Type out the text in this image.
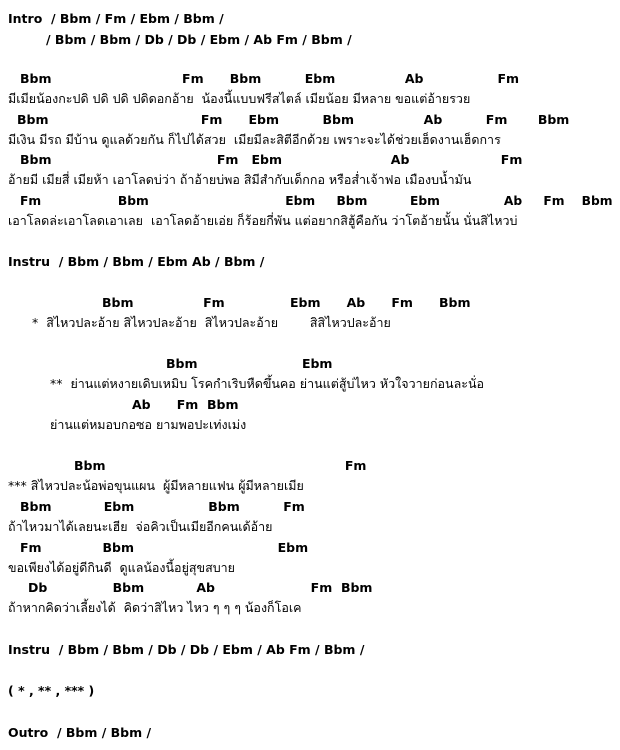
Intro  / Bbm / Fm / Ebm / Bbm /
/ Bbm / Bbm / Db / Db / Ebm / Ab Fm / Bbm /
Bbm                              Fm      Bbm          Ebm                Ab                 Fm
มีเมียน้องกะปดิ ปดิ ปดิ ปดิดอกอ้าย  น้องนี้แบบฟรีสไตล์ เมียน้อย มีหลาย ขอแต่อ้ายรวย
Bbm                                   Fm      Ebm          Bbm                Ab          Fm       Bbm
มีเงิน มีรถ มีบ้าน ดูแลด้วยกัน ก็ไปได้สวย  เมียมีละสิตีอีกด้วย เพราะจะได้ช่วยเฮ็ดงานเฮ็ดการ
Bbm                                      Fm   Ebm                         Ab                     Fm
อ้ายมี เมียสี่ เมียห้า เอาโลดบ่ว่า ถ้าอ้ายบ่พอ สิมีสำกับเด็กกอ หรือส่ำเจ้าฟอ เมืองบน้ำมัน
Fm                  Bbm                                Ebm     Bbm          Ebm               Ab     Fm    Bbm
เอาโลดล่ะเอาโลดเอาเลย  เอาโลดอ้ายเอ่ย ก็ร้อยกี่พัน แต่อยากสิฮู้คือกัน ว่าโตอ้ายนั้น นั่นสิไหวบ่
Instru  / Bbm / Bbm / Ebm Ab / Bbm /
Bbm                Fm               Ebm      Ab      Fm      Bbm
*  สิไหวปละอ้าย สิไหวปละอ้าย  สิไหวปละอ้าย        สิสิไหวปละอ้าย
Bbm                        Ebm
**  ย่านแต่หงายเดิบเหมิบ โรคกำเริบหืดขึ้นคอ ย่านแต่สู้บ่ไหว หัวใจวายก่อนละนั่อ
Ab      Fm  Bbm
ย่านแต่หมอบกอซอ ยามพอปะเท่งเม่ง
Bbm                                                       Fm
*** สิไหวปละน้อพ่อขุนแผน  ผู้มีหลายแฟน ผู้มีหลายเมีย
Bbm            Ebm                 Bbm          Fm
ถ้าไหวมาได้เลยนะเฮีย  จ่อคิวเป็นเมียอีกคนเด้อ้าย
Fm              Bbm                                 Ebm
ขอเพียงได้อยู่ดีกินดี  ดูแลน้องนี้อยู่สุขสบาย
Db               Bbm            Ab                      Fm  Bbm
ถ้าหากคิดว่าเลี้ยงได้  คิดว่าสิไหว ไหว ๆ ๆ ๆ น้องก็โอเค
Instru  / Bbm / Bbm / Db / Db / Ebm / Ab Fm / Bbm /
( * , ** , *** )
Outro  / Bbm / Bbm /
